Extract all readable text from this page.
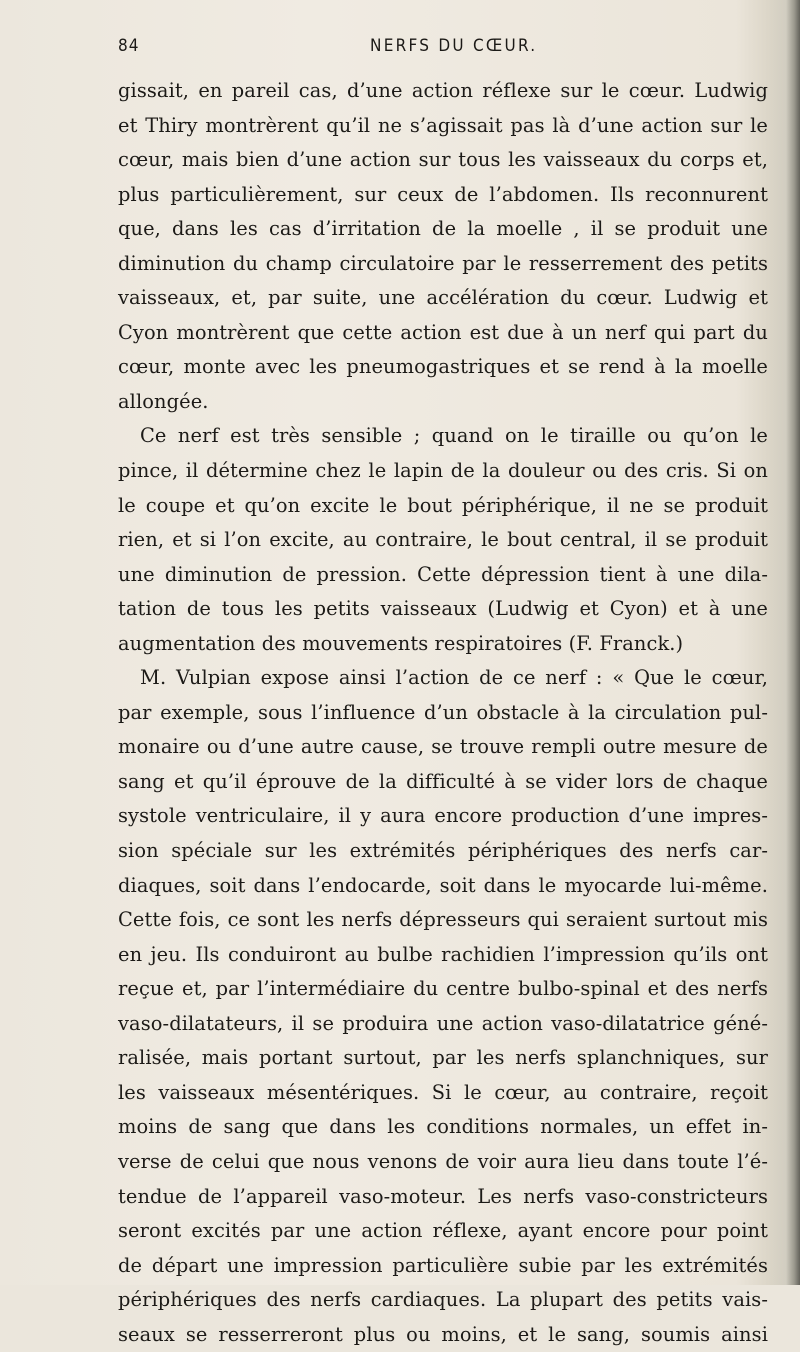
84	NERFS DU CŒUR.
gissait, en pareil cas, d’une action réflexe sur le cœur. Ludwig
et Thiry montrèrent qu’il ne s’agissait pas là d’une action sur le
cœur, mais bien d’une action sur tous les vaisseaux du corps et,
plus particulièrement, sur ceux de l’abdomen. Ils reconnurent
que, dans les cas d’irritation de la moelle , il se produit une
diminution du champ circulatoire par le resserrement des petits
vaisseaux, et, par suite, une accélération du cœur. Ludwig et
Cyon montrèrent que cette action est due à un nerf qui part du
cœur, monte avec les pneumogastriques et se rend à la moelle
allongée.
Ce nerf est très sensible ; quand on le tiraille ou qu’on le
pince, il détermine chez le lapin de la douleur ou des cris. Si on
le coupe et qu’on excite le bout périphérique, il ne se produit
rien, et si l’on excite, au contraire, le bout central, il se produit
une diminution de pression. Cette dépression tient à une dila-
tation de tous les petits vaisseaux (Ludwig et Cyon) et à une
augmentation des mouvements respiratoires (F. Franck.)
M. Vulpian expose ainsi l’action de ce nerf : « Que le cœur,
par exemple, sous l’influence d’un obstacle à la circulation pul-
monaire ou d’une autre cause, se trouve rempli outre mesure de
sang et qu’il éprouve de la difficulté à se vider lors de chaque
systole ventriculaire, il y aura encore production d’une impres-
sion spéciale sur les extrémités périphériques des nerfs car-
diaques, soit dans l’endocarde, soit dans le myocarde lui-même.
Cette fois, ce sont les nerfs dépresseurs qui seraient surtout mis
en jeu. Ils conduiront au bulbe rachidien l’impression qu’ils ont
reçue et, par l’intermédiaire du centre bulbo-spinal et des nerfs
vaso-dilatateurs, il se produira une action vaso-dilatatrice géné-
ralisée, mais portant surtout, par les nerfs splanchniques, sur
les vaisseaux mésentériques. Si le cœur, au contraire, reçoit
moins de sang que dans les conditions normales, un effet in-
verse de celui que nous venons de voir aura lieu dans toute l’é-
tendue de l’appareil vaso-moteur. Les nerfs vaso-constricteurs
seront excités par une action réflexe, ayant encore pour point
de départ une impression particulière subie par les extrémités
périphériques des nerfs cardiaques. La plupart des petits vais-
seaux se resserreront plus ou moins, et le sang, soumis ainsi
